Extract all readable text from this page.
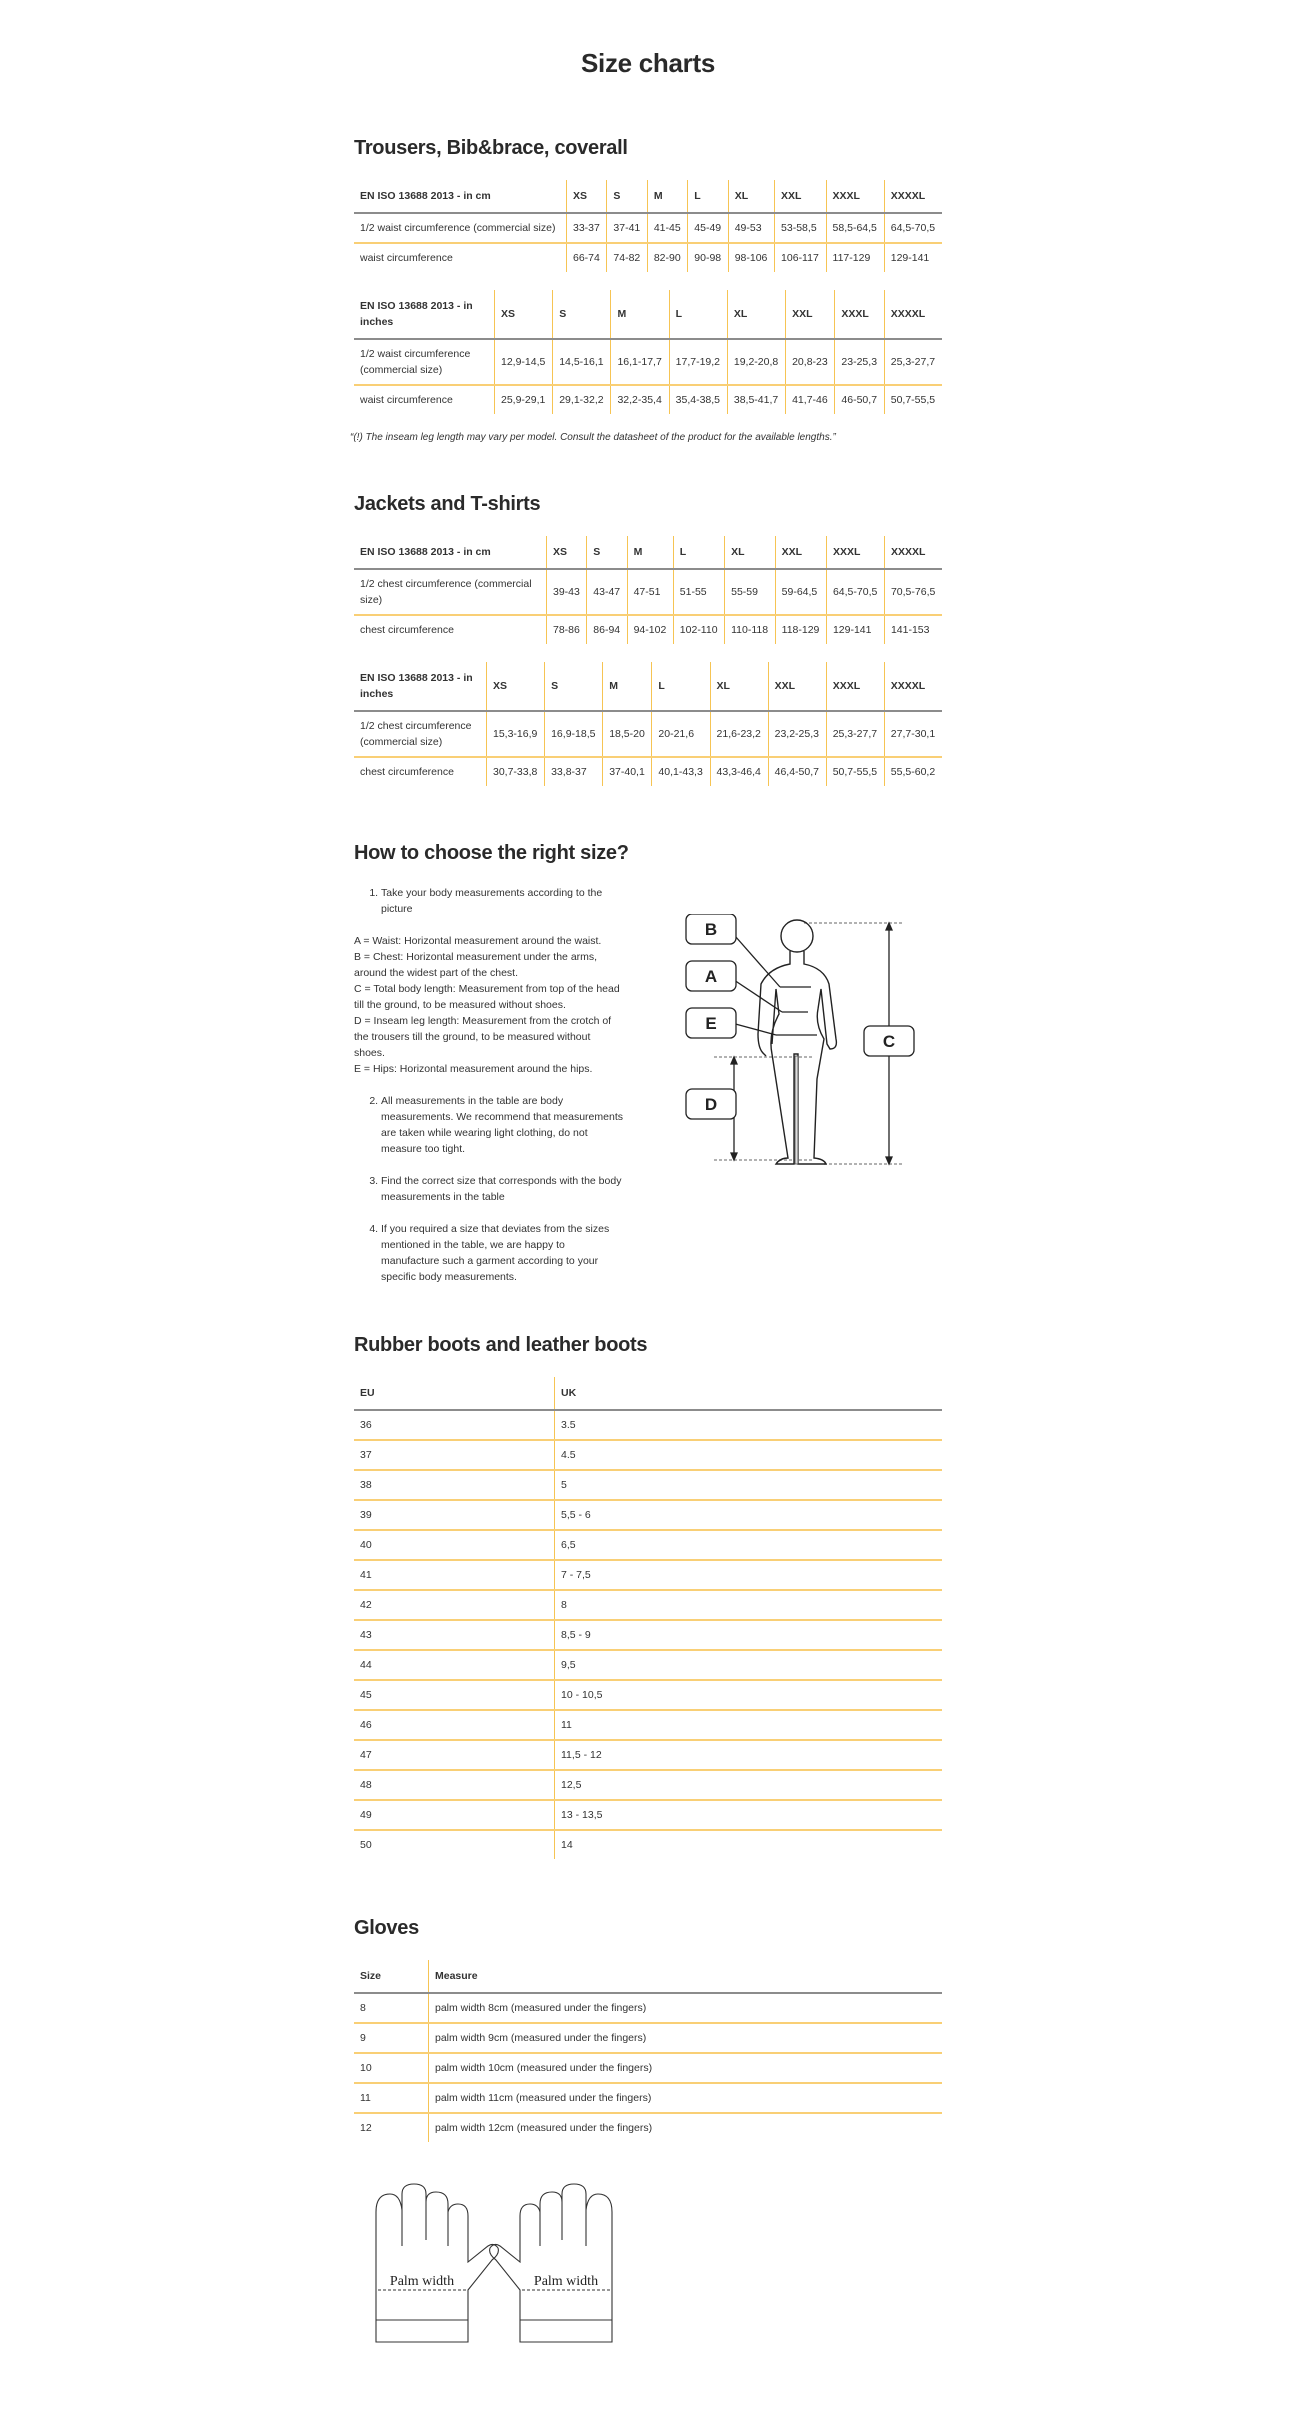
Size charts
Trousers, Bib&brace, coverall
EN ISO 13688 2013 - in cm	XS	S	M	L	XL	XXL	XXXL	XXXXL
1/2 waist circumference (commercial size)	33-37	37-41	41-45	45-49	49-53	53-58,5	58,5-64,5	64,5-70,5
waist circumference	66-74	74-82	82-90	90-98	98-106	106-117	117-129	129-141
EN ISO 13688 2013 - in inches	XS	S	M	L	XL	XXL	XXXL	XXXXL
1/2 waist circumference (commercial size)	12,9-14,5	14,5-16,1	16,1-17,7	17,7-19,2	19,2-20,8	20,8-23	23-25,3	25,3-27,7
waist circumference	25,9-29,1	29,1-32,2	32,2-35,4	35,4-38,5	38,5-41,7	41,7-46	46-50,7	50,7-55,5
“(!) The inseam leg length may vary per model. Consult the datasheet of the product for the available lengths.”
Jackets and T-shirts
EN ISO 13688 2013 - in cm	XS	S	M	L	XL	XXL	XXXL	XXXXL
1/2 chest circumference (commercial size)	39-43	43-47	47-51	51-55	55-59	59-64,5	64,5-70,5	70,5-76,5
chest circumference	78-86	86-94	94-102	102-110	110-118	118-129	129-141	141-153
EN ISO 13688 2013 - in inches	XS	S	M	L	XL	XXL	XXXL	XXXXL
1/2 chest circumference (commercial size)	15,3-16,9	16,9-18,5	18,5-20	20-21,6	21,6-23,2	23,2-25,3	25,3-27,7	27,7-30,1
chest circumference	30,7-33,8	33,8-37	37-40,1	40,1-43,3	43,3-46,4	46,4-50,7	50,7-55,5	55,5-60,2
How to choose the right size?
1. Take your body measurements according to the picture
A = Waist: Horizontal measurement around the waist.
B = Chest: Horizontal measurement under the arms, around the widest part of the chest.
C = Total body length: Measurement from top of the head till the ground, to be measured without shoes.
D = Inseam leg length: Measurement from the crotch of the trousers till the ground, to be measured without shoes.
E = Hips: Horizontal measurement around the hips.
2. All measurements in the table are body measurements. We recommend that measurements are taken while wearing light clothing, do not measure too tight.
3. Find the correct size that corresponds with the body measurements in the table
4. If you required a size that deviates from the sizes mentioned in the table, we are happy to manufacture such a garment according to your specific body measurements.
B
A
E
D
C
Rubber boots and leather boots
EU	UK
36	3.5
37	4.5
38	5
39	5,5 - 6
40	6,5
41	7 - 7,5
42	8
43	8,5 - 9
44	9,5
45	10 - 10,5
46	11
47	11,5 - 12
48	12,5
49	13 - 13,5
50	14
Gloves
Size	Measure
8	palm width 8cm (measured under the fingers)
9	palm width 9cm (measured under the fingers)
10	palm width 10cm (measured under the fingers)
11	palm width 11cm (measured under the fingers)
12	palm width 12cm (measured under the fingers)
Palm width	Palm width
